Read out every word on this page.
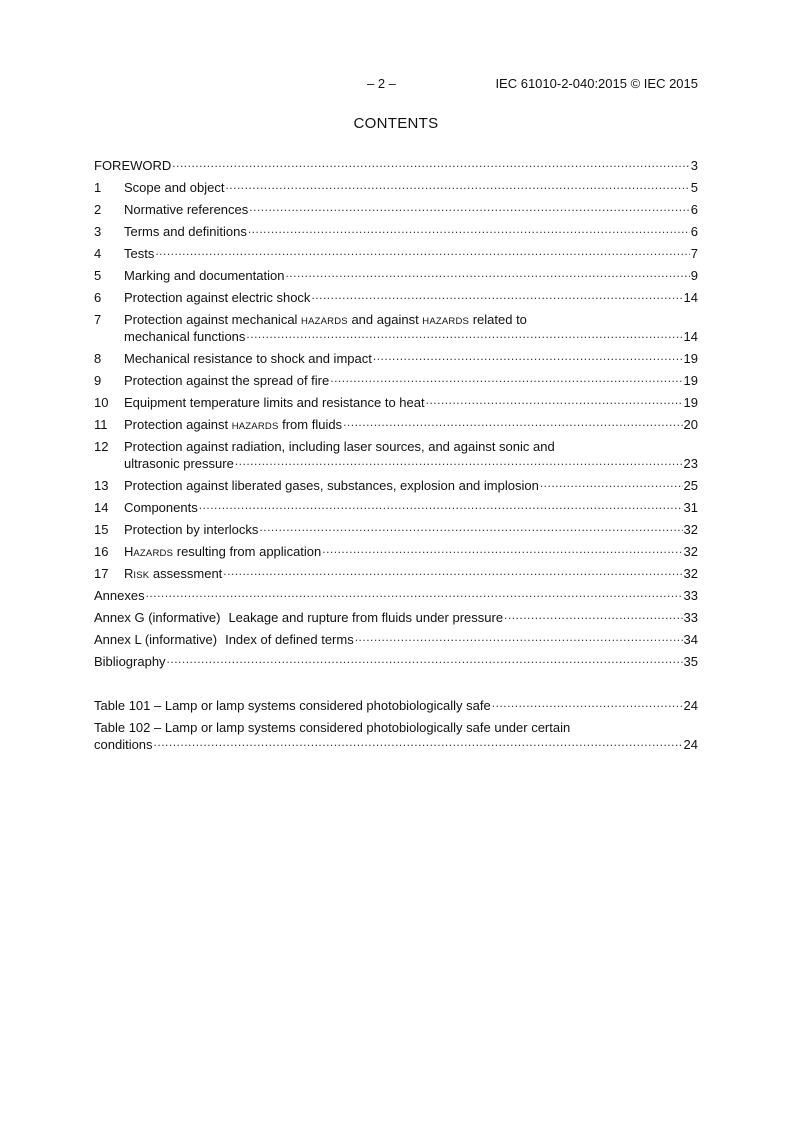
– 2 –	IEC 61010-2-040:2015 © IEC 2015
CONTENTS
FOREWORD .....	3
1	Scope and object .....	5
2	Normative references .....	6
3	Terms and definitions .....	6
4	Tests .....	7
5	Marking and documentation .....	9
6	Protection against electric shock .....	14
7	Protection against mechanical HAZARDS and against HAZARDS related to
mechanical functions .....	14
8	Mechanical resistance to shock and impact .....	19
9	Protection against the spread of fire .....	19
10	Equipment temperature limits and resistance to heat .....	19
11	Protection against HAZARDS from fluids .....	20
12	Protection against radiation, including laser sources, and against sonic and
ultrasonic pressure .....	23
13	Protection against liberated gases, substances, explosion and implosion .....	25
14	Components .....	31
15	Protection by interlocks .....	32
16	HAZARDS resulting from application .....	32
17	RISK assessment .....	32
Annexes .....	33
Annex G (informative) Leakage and rupture from fluids under pressure .....	33
Annex L (informative) Index of defined terms .....	34
Bibliography .....	35
Table 101 – Lamp or lamp systems considered photobiologically safe .....	24
Table 102 – Lamp or lamp systems considered photobiologically safe under certain
conditions .....	24
